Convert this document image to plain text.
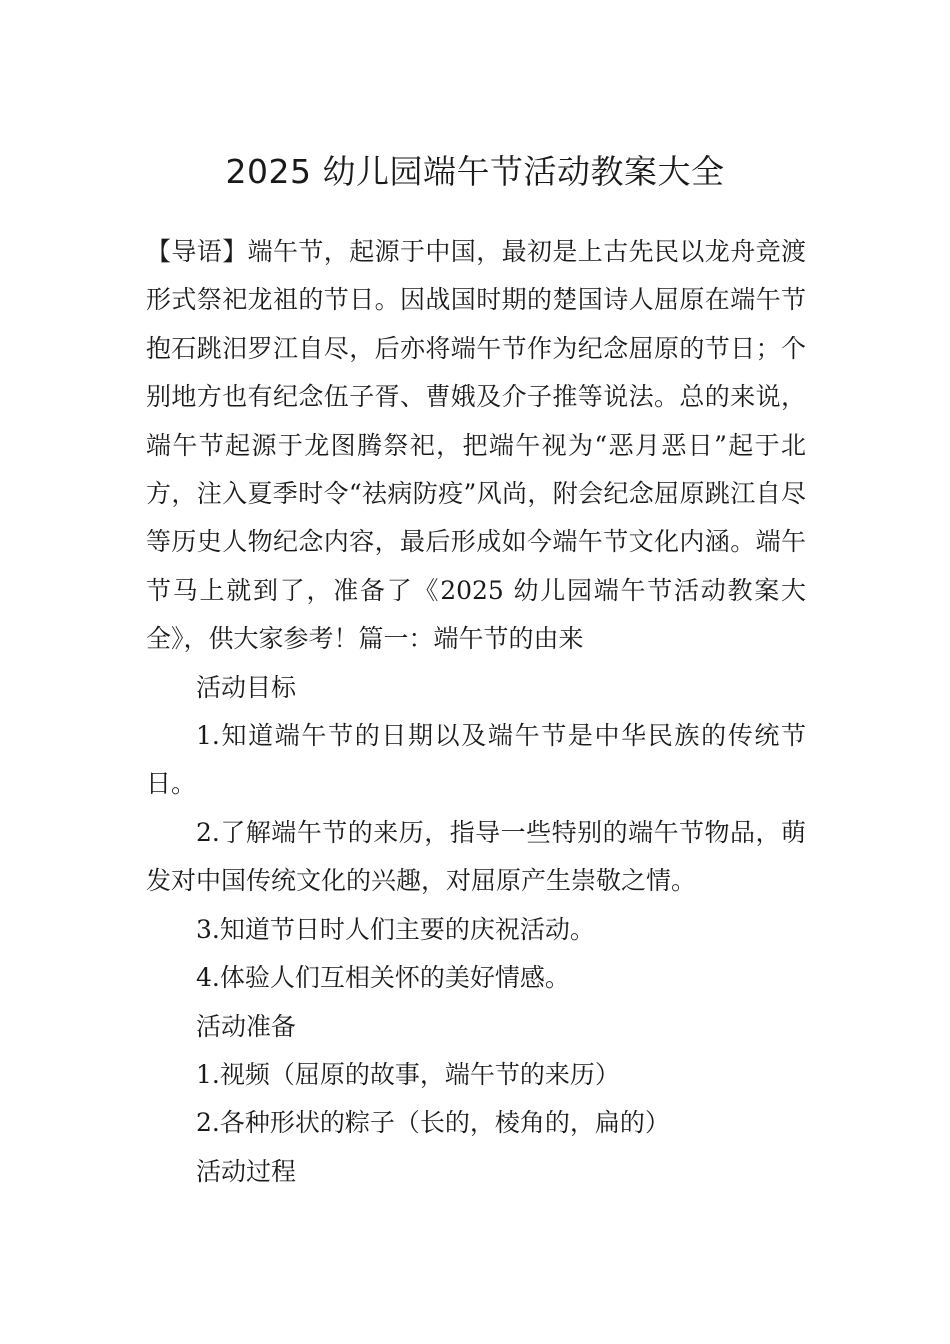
2025 幼儿园端午节活动教案大全

【导语】端午节，起源于中国，最初是上古先民以龙舟竞渡形式祭祀龙祖的节日。因战国时期的楚国诗人屈原在端午节抱石跳汨罗江自尽，后亦将端午节作为纪念屈原的节日；个别地方也有纪念伍子胥、曹娥及介子推等说法。总的来说，端午节起源于龙图腾祭祀，把端午视为“恶月恶日”起于北方，注入夏季时令“祛病防疫”风尚，附会纪念屈原跳江自尽等历史人物纪念内容，最后形成如今端午节文化内涵。端午节马上就到了，准备了《2025 幼儿园端午节活动教案大全》，供大家参考！篇一：端午节的由来

活动目标

1.知道端午节的日期以及端午节是中华民族的传统节日。

2.了解端午节的来历，指导一些特别的端午节物品，萌发对中国传统文化的兴趣，对屈原产生崇敬之情。

3.知道节日时人们主要的庆祝活动。

4.体验人们互相关怀的美好情感。

活动准备

1.视频（屈原的故事，端午节的来历）

2.各种形状的粽子（长的，棱角的，扁的）

活动过程
